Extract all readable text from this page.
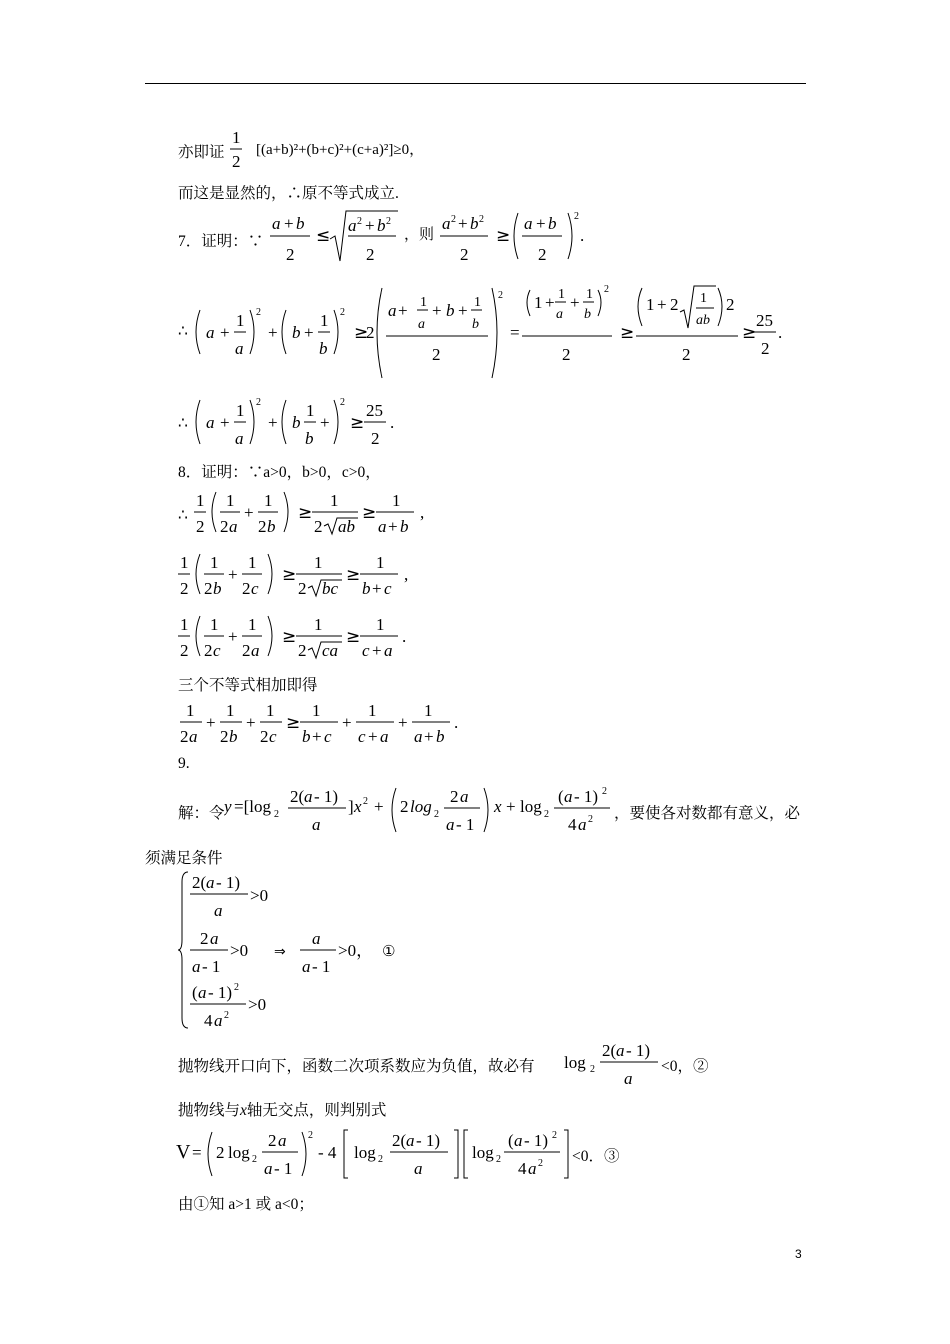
亦即证
1
2
[(a+b)²+(b+c)²+(c+a)²]≥0，
而这是显然的，∴原不等式成立.
7．证明：∵
a + b
2
≤
a 2 + b 2
2
，则
a 2 + b 2
2
≥
a + b
2
2
.
∴ a +
1
a
2
+ b +
1
b
2
≥
2
a + 1
a
+ b + 1
b
2
2
=
1 + 1
a
+ 1
b
2
2
≥
1 + 2 1
ab
2
2
≥
25
2
.
∴ a +
1
a
2
+ b
1
b
+
2
≥
25
2
.
8．证明：∵a>0，b>0，c>0，
∴
1
2
1
2 a
+
1
2 b
≥
1
2 ab
≥
1
a + b
,
1
2
1
2 b
+
1
2 c
≥
1
2 bc
≥
1
b + c
,
1
2
1
2 c
+
1
2 a
≥
1
2 ca
≥
1
c + a
.
三个不等式相加即得
1
2 a
+
1
2 b
+
1
2 c
≥
1
b + c
+
1
c + a
+
1
a + b
.
9.
解：令 y =[log 2
2( a - 1)
a
] x 2 + 2 log 2
2 a
a - 1
x + log 2
( a - 1) 2
4 a 2 ，要使各对数都有意义，必
须满足条件
2( a - 1)
a
>0
2 a
a - 1
>0 ⇒
a
a - 1
>0， ①
( a - 1) 2
4 a 2
>0
抛物线开口向下，函数二次项系数应为负值，故必有 log 2
2( a - 1)
a
<0，②
抛物线与x轴无交点，则判别式
V = 2 log 2
2 a
a - 1
2
- 4 log 2
2( a - 1)
a
log 2
( a - 1) 2
4 a 2 <0．③
由①知 a>1 或 a<0；
3
